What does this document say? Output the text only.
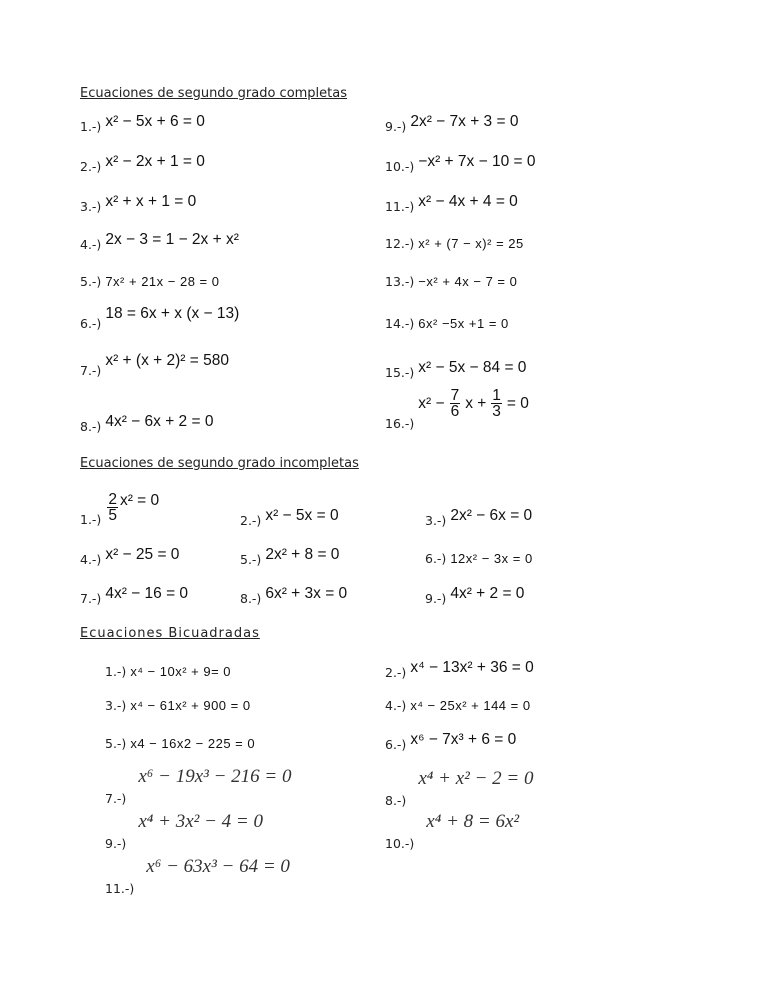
Ecuaciones de segundo grado completas
1.-) x² − 5x + 6 = 0
2.-) x² − 2x + 1 = 0
3.-) x² + x + 1 = 0
4.-) 2x − 3 = 1 − 2x + x²
5.-) 7x² + 21x − 28 = 0
6.-)
18 = 6x + x (x − 13)
7.-)
x² + (x + 2)² = 580
8.-) 4x² − 6x + 2 = 0
9.-) 2x² − 7x + 3 = 0
10.-) −x² + 7x − 10 = 0
11.-) x² − 4x + 4 = 0
12.-) x² + (7 − x)² = 25
13.-) −x² + 4x − 7 = 0
14.-) 6x² −5x +1 = 0
15.-) x² − 5x − 84 = 0
16.-)
$x^2 - \frac{7}{6}$ $x + \frac{1}{3} = 0$
Ecuaciones de segundo grado incompletas
$1.-) \frac{2}{5} x^2 = 0$
2.-) x² − 5x = 0	3.-) 2x² − 6x = 0
4.-) x² − 25 = 0	5.-) 2x² + 8 = 0	6.-) 12x² − 3x = 0
7.-) 4x² − 16 = 0	8.-) 6x² + 3x = 0	9.-) 4x² + 2 = 0
Ecuaciones Bicuadradas
1.-) x⁴ − 10x² + 9= 0	2.-) x⁴ − 13x² + 36 = 0
3.-) x⁴ − 61x² + 900 = 0	4.-) x⁴ − 25x² + 144 = 0
5.-) x4 − 16x2 − 225 = 0	6.-) x⁶ − 7x³ + 6 = 0
7.-)
x⁶ − 19x³ − 216 = 0
8.-)
x⁴ + x² − 2 = 0
9.-)
x⁴ + 3x² − 4 = 0
10.-)
x⁴ + 8 = 6x²
11.-)
x⁶ − 63x³ − 64 = 0
